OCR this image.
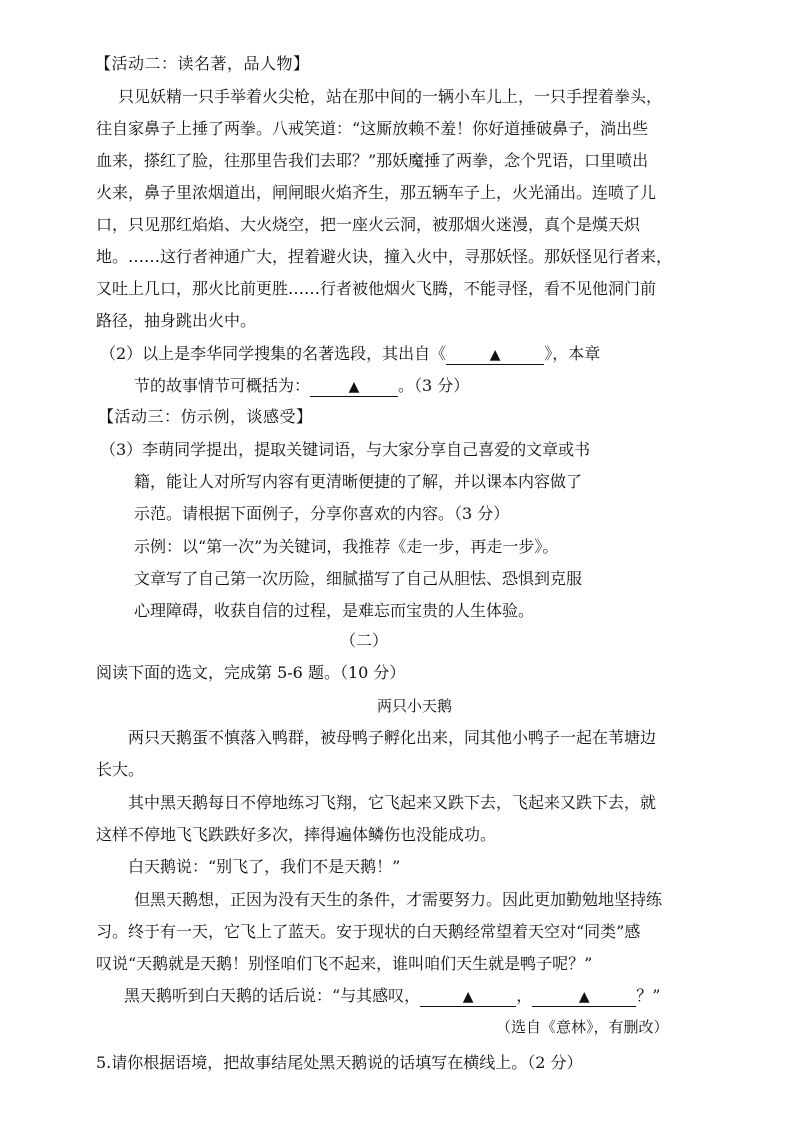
【活动二：读名著，品人物】
只见妖精一只手举着火尖枪，站在那中间的一辆小车儿上，一只手捏着拳头，
往自家鼻子上捶了两拳。八戒笑道：“这厮放赖不羞！你好道捶破鼻子，淌出些
血来，搽红了脸，往那里告我们去耶？”那妖魔捶了两拳，念个咒语，口里喷出
火来，鼻子里浓烟道出，闸闸眼火焰齐生，那五辆车子上，火光涌出。连喷了儿
口，只见那红焰焰、大火烧空，把一座火云洞，被那烟火迷漫，真个是熯天炽
地。……这行者神通广大，捏着避火诀，撞入火中，寻那妖怪。那妖怪见行者来，
又吐上几口，那火比前更胜……行者被他烟火飞腾，不能寻怪，看不见他洞门前
路径，抽身跳出火中。
（2）以上是李华同学搜集的名著选段，其出自《	▲	》，本章
节的故事情节可概括为：	▲ 。（3 分）
【活动三：仿示例，谈感受】
（3）李萌同学提出，提取关键词语，与大家分享自己喜爱的文章或书
籍，能让人对所写内容有更清晰便捷的了解，并以课本内容做了
示范。请根据下面例子，分享你喜欢的内容。（3 分）
示例：以“第一次”为关键词，我推荐《走一步，再走一步》。
文章写了自己第一次历险，细腻描写了自己从胆怯、恐惧到克服
心理障碍，收获自信的过程，是难忘而宝贵的人生体验。
（二）
阅读下面的选文，完成第 5-6 题。（10 分）
两只小天鹅
两只天鹅蛋不慎落入鸭群，被母鸭子孵化出来，同其他小鸭子一起在苇塘边
长大。
其中黑天鹅每日不停地练习飞翔，它飞起来又跌下去，飞起来又跌下去，就
这样不停地飞飞跌跌好多次，摔得遍体鳞伤也没能成功。
白天鹅说：“别飞了，我们不是天鹅！”
但黑天鹅想，正因为没有天生的条件，才需要努力。因此更加勤勉地坚持练
习。终于有一天，它飞上了蓝天。安于现状的白天鹅经常望着天空对“同类”感
叹说“天鹅就是天鹅！别怪咱们飞不起来，谁叫咱们天生就是鸭子呢？”
黑天鹅听到白天鹅的话后说：“与其感叹，	▲	，	▲	？”
（选自《意林》，有删改）
5.请你根据语境，把故事结尾处黑天鹅说的话填写在横线上。（2 分）
